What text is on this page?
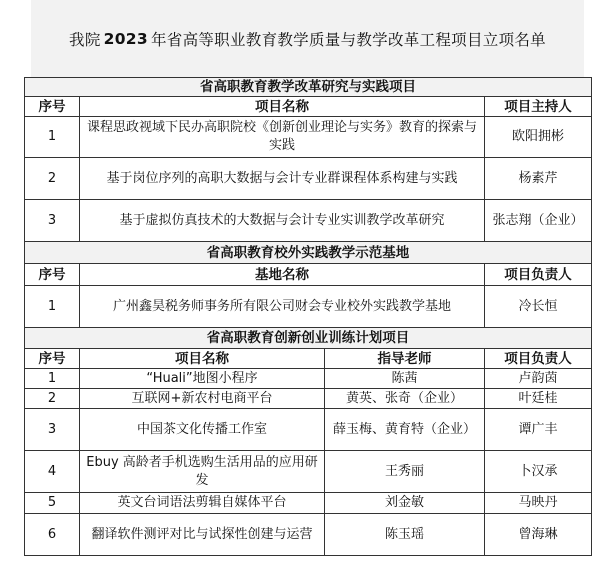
我院 2023 年省高等职业教育教学质量与教学改革工程项目立项名单
省高职教育教学改革研究与实践项目			
序号	项目名称		项目主持人
1	课程思政视域下民办高职院校《创新创业理论与实务》教育的探索与实践		欧阳拥彬
2	基于岗位序列的高职大数据与会计专业群课程体系构建与实践		杨素芹
3	基于虚拟仿真技术的大数据与会计专业实训教学改革研究		张志翔（企业）
省高职教育校外实践教学示范基地			
序号	基地名称		项目负责人
1	广州鑫昊税务师事务所有限公司财会专业校外实践教学基地		冷长恒
省高职教育创新创业训练计划项目			
序号	项目名称	指导老师	项目负责人
1	“Huali”地图小程序	陈茜	卢韵茵
2	互联网+新农村电商平台	黄英、张奇（企业）	叶廷桂
3	中国茶文化传播工作室	薛玉梅、黄育特（企业）	谭广丰
4	Ebuy 高龄者手机选购生活用品的应用研发	王秀丽	卜汉承
5	英文台词语法剪辑自媒体平台	刘金敏	马映丹
6	翻译软件测评对比与试探性创建与运营	陈玉瑶	曾海琳
